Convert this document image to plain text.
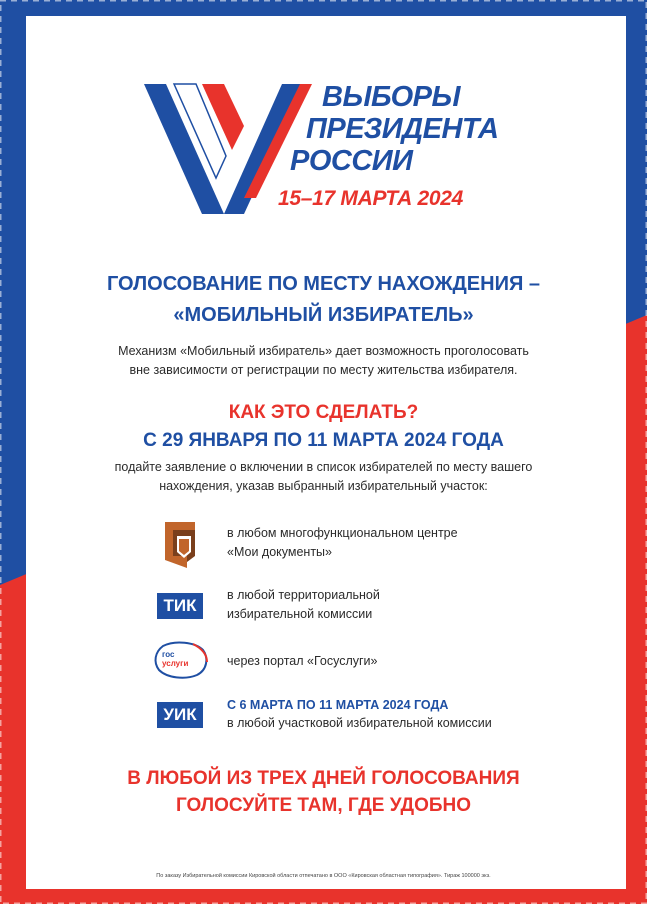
ВЫБОРЫ
ПРЕЗИДЕНТА
РОССИИ
15–17 МАРТА 2024
ГОЛОСОВАНИЕ ПО МЕСТУ НАХОЖДЕНИЯ –
«МОБИЛЬНЫЙ ИЗБИРАТЕЛЬ»
Механизм «Мобильный избиратель» дает возможность проголосовать
вне зависимости от регистрации по месту жительства избирателя.
КАК ЭТО СДЕЛАТЬ?
С 29 ЯНВАРЯ ПО 11 МАРТА 2024 ГОДА
подайте заявление о включении в список избирателей по месту вашего
нахождения, указав выбранный избирательный участок:
в любом многофункциональном центре
«Мои документы»
ТИК
в любой территориальной
избирательной комиссии
гос
услуги	через портал «Госуслуги»
УИК	С 6 МАРТА ПО 11 МАРТА 2024 ГОДА
в любой участковой избирательной комиссии
В ЛЮБОЙ ИЗ ТРЕХ ДНЕЙ ГОЛОСОВАНИЯ
ГОЛОСУЙТЕ ТАМ, ГДЕ УДОБНО
По заказу Избирательной комиссии Кировской области отпечатано в ООО «Кировская областная типография». Тираж 100000 экз.
